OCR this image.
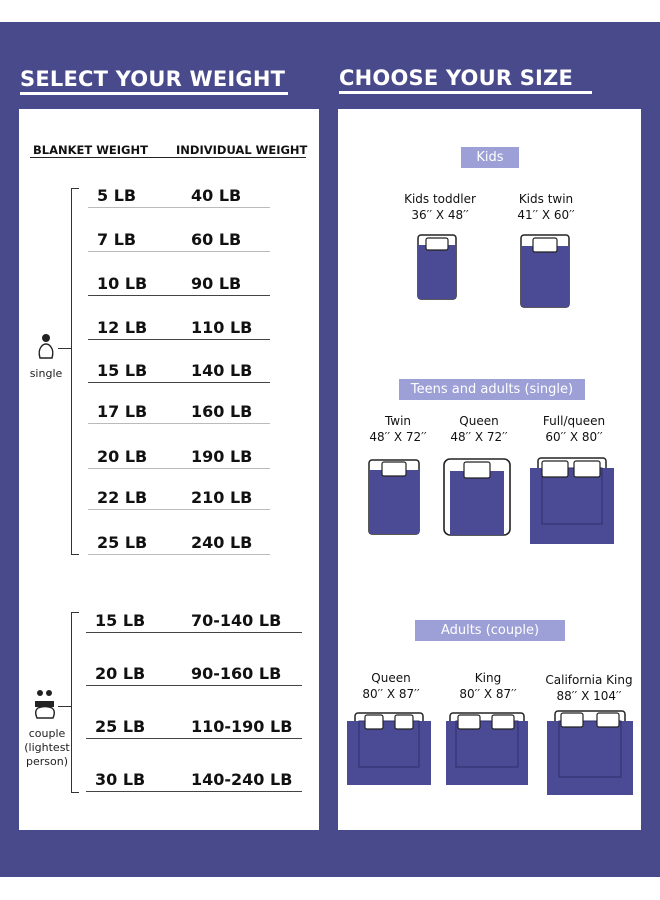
SELECT YOUR WEIGHT	CHOOSE YOUR SIZE
BLANKET WEIGHT INDIVIDUAL WEIGHT
single
5 LB	40 LB
7 LB	60 LB
10 LB	90 LB
12 LB	110 LB
15 LB	140 LB
17 LB	160 LB
20 LB	190 LB
22 LB	210 LB
25 LB	240 LB
couple
(lightest
person)
15 LB	70-140 LB
20 LB	90-160 LB
25 LB	110-190 LB
30 LB	140-240 LB
Kids
Kids toddler
36′′ X 48′′
Kids twin
41′′ X 60′′
Teens and adults (single)
Twin
48′′ X 72′′
Queen
48′′ X 72′′
Full/queen
60′′ X 80′′
Adults (couple)
Queen
80′′ X 87′′
King
80′′ X 87′′
California King
88′′ X 104′′
